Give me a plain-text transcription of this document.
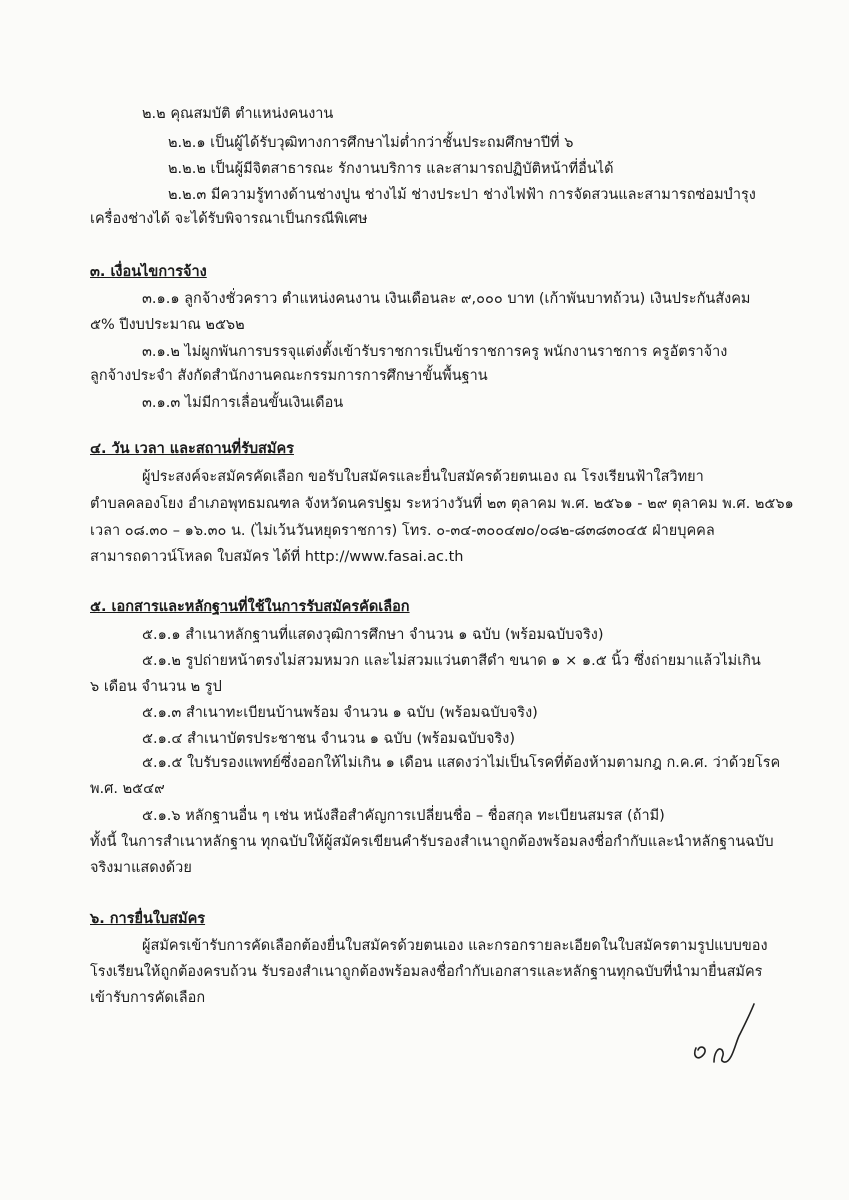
๒.๒ คุณสมบัติ ตำแหน่งคนงาน
๒.๒.๑ เป็นผู้ได้รับวุฒิทางการศึกษาไม่ต่ำกว่าชั้นประถมศึกษาปีที่ ๖
๒.๒.๒ เป็นผู้มีจิตสาธารณะ รักงานบริการ และสามารถปฏิบัติหน้าที่อื่นได้
๒.๒.๓ มีความรู้ทางด้านช่างปูน ช่างไม้ ช่างประปา ช่างไฟฟ้า การจัดสวนและสามารถซ่อมบำรุง
เครื่องช่างได้ จะได้รับพิจารณาเป็นกรณีพิเศษ
๓. เงื่อนไขการจ้าง
๓.๑.๑ ลูกจ้างชั่วคราว ตำแหน่งคนงาน เงินเดือนละ ๙,๐๐๐ บาท (เก้าพันบาทถ้วน) เงินประกันสังคม
๕% ปีงบประมาณ ๒๕๖๒
๓.๑.๒ ไม่ผูกพันการบรรจุแต่งตั้งเข้ารับราชการเป็นข้าราชการครู พนักงานราชการ ครูอัตราจ้าง
ลูกจ้างประจำ สังกัดสำนักงานคณะกรรมการการศึกษาขั้นพื้นฐาน
๓.๑.๓ ไม่มีการเลื่อนขั้นเงินเดือน
๔. วัน เวลา และสถานที่รับสมัคร
ผู้ประสงค์จะสมัครคัดเลือก ขอรับใบสมัครและยื่นใบสมัครด้วยตนเอง ณ โรงเรียนฟ้าใสวิทยา
ตำบลคลองโยง อำเภอพุทธมณฑล จังหวัดนครปฐม ระหว่างวันที่ ๒๓ ตุลาคม พ.ศ. ๒๕๖๑ - ๒๙ ตุลาคม พ.ศ. ๒๕๖๑
เวลา ๐๘.๓๐ – ๑๖.๓๐ น. (ไม่เว้นวันหยุดราชการ) โทร. ๐-๓๔-๓๐๐๔๗๐/๐๘๒-๘๓๘๓๐๔๕ ฝ่ายบุคคล
สามารถดาวน์โหลด ใบสมัคร ได้ที่ http://www.fasai.ac.th
๕. เอกสารและหลักฐานที่ใช้ในการรับสมัครคัดเลือก
๕.๑.๑ สำเนาหลักฐานที่แสดงวุฒิการศึกษา จำนวน ๑ ฉบับ (พร้อมฉบับจริง)
๕.๑.๒ รูปถ่ายหน้าตรงไม่สวมหมวก และไม่สวมแว่นตาสีดำ ขนาด ๑ × ๑.๕ นิ้ว ซึ่งถ่ายมาแล้วไม่เกิน
๖ เดือน จำนวน ๒ รูป
๕.๑.๓ สำเนาทะเบียนบ้านพร้อม จำนวน ๑ ฉบับ (พร้อมฉบับจริง)
๕.๑.๔ สำเนาบัตรประชาชน จำนวน ๑ ฉบับ (พร้อมฉบับจริง)
๕.๑.๕ ใบรับรองแพทย์ซึ่งออกให้ไม่เกิน ๑ เดือน แสดงว่าไม่เป็นโรคที่ต้องห้ามตามกฎ ก.ค.ศ. ว่าด้วยโรค
พ.ศ. ๒๕๔๙
๕.๑.๖ หลักฐานอื่น ๆ เช่น หนังสือสำคัญการเปลี่ยนชื่อ – ชื่อสกุล ทะเบียนสมรส (ถ้ามี)
ทั้งนี้ ในการสำเนาหลักฐาน ทุกฉบับให้ผู้สมัครเขียนคำรับรองสำเนาถูกต้องพร้อมลงชื่อกำกับและนำหลักฐานฉบับ
จริงมาแสดงด้วย
๖. การยื่นใบสมัคร
ผู้สมัครเข้ารับการคัดเลือกต้องยื่นใบสมัครด้วยตนเอง และกรอกรายละเอียดในใบสมัครตามรูปแบบของ
โรงเรียนให้ถูกต้องครบถ้วน รับรองสำเนาถูกต้องพร้อมลงชื่อกำกับเอกสารและหลักฐานทุกฉบับที่นำมายื่นสมัคร
เข้ารับการคัดเลือก
